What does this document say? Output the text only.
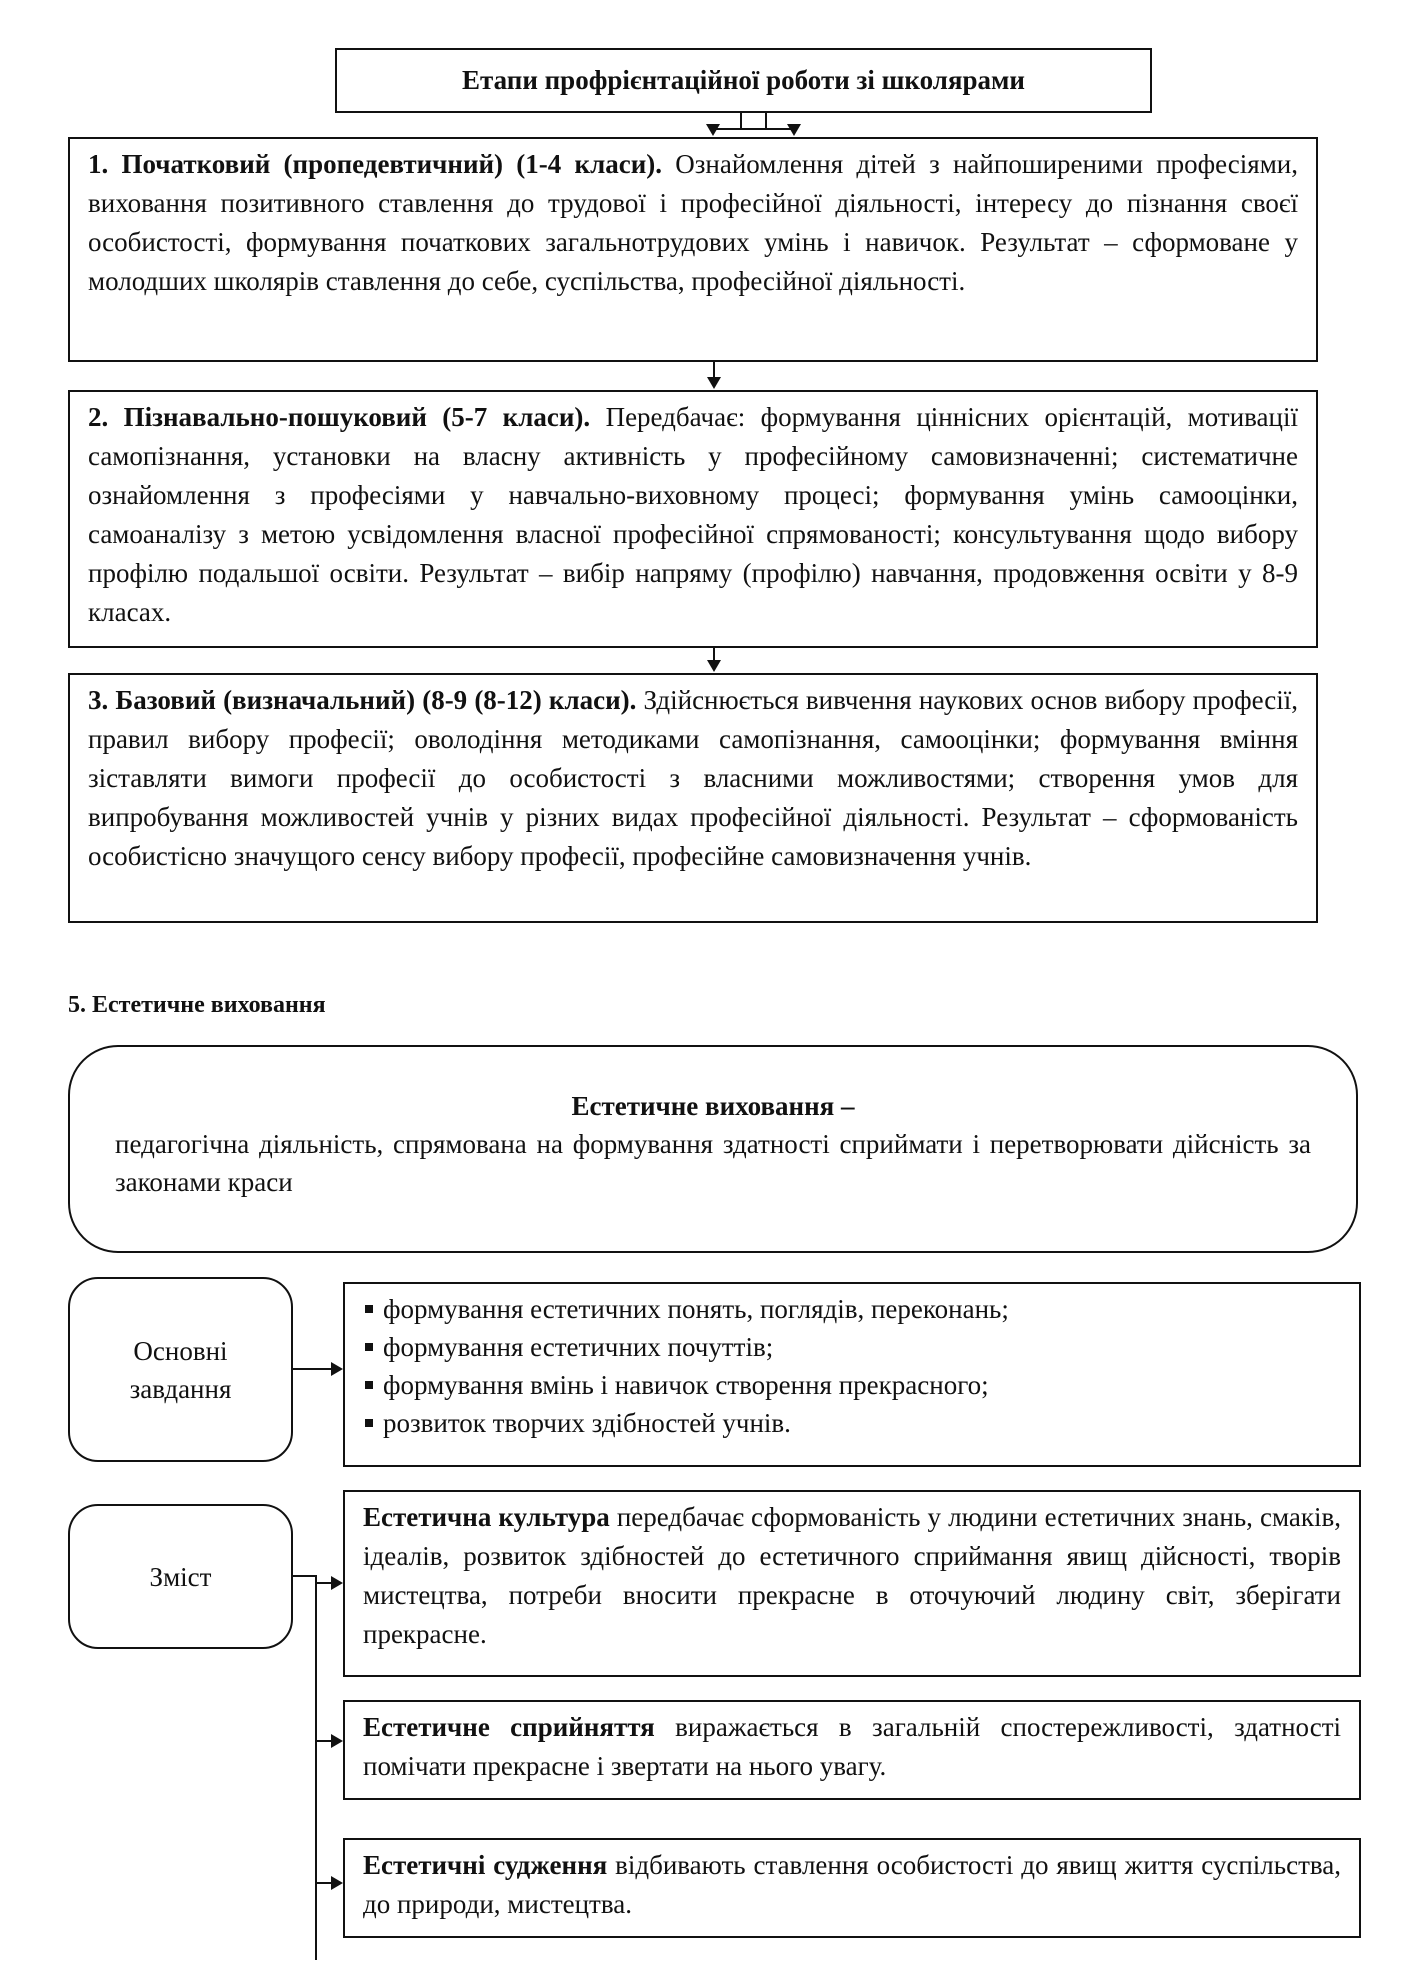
Етапи профрієнтаційної роботи зі школярами
1. Початковий (пропедевтичний) (1-4 класи). Ознайомлення дітей з найпоширеними професіями, виховання позитивного ставлення до трудової і професійної діяльності, інтересу до пізнання своєї особистості, формування початкових загальнотрудових умінь і навичок. Результат – сформоване у молодших школярів ставлення до себе, суспільства, професійної діяльності.
2. Пізнавально-пошуковий (5-7 класи). Передбачає: формування ціннісних орієнтацій, мотивації самопізнання, установки на власну активність у професійному самовизначенні; систематичне ознайомлення з професіями у навчально-виховному процесі; формування умінь самооцінки, самоаналізу з метою усвідомлення власної професійної спрямованості; консультування щодо вибору профілю подальшої освіти. Результат – вибір напряму (профілю) навчання, продовження освіти у 8-9 класах.
3. Базовий (визначальний) (8-9 (8-12) класи). Здійснюється вивчення наукових основ вибору професії, правил вибору професії; оволодіння методиками самопізнання, самооцінки; формування вміння зіставляти вимоги професії до особистості з власними можливостями; створення умов для випробування можливостей учнів у різних видах професійної діяльності. Результат – сформованість особистісно значущого сенсу вибору професії, професійне самовизначення учнів.
5. Естетичне виховання
Естетичне виховання –
педагогічна діяльність, спрямована на формування здатності сприймати і перетворювати дійсність за законами краси
Основні завдання
формування естетичних понять, поглядів, переконань;
формування естетичних почуттів;
формування вмінь і навичок створення прекрасного;
розвиток творчих здібностей учнів.
Зміст
Естетична культура передбачає сформованість у людини естетичних знань, смаків, ідеалів, розвиток здібностей до естетичного сприймання явищ дійсності, творів мистецтва, потреби вносити прекрасне в оточуючий людину світ, зберігати прекрасне.
Естетичне сприйняття виражається в загальній спостережливості, здатності помічати прекрасне і звертати на нього увагу.
Естетичні судження відбивають ставлення особистості до явищ життя суспільства, до природи, мистецтва.
